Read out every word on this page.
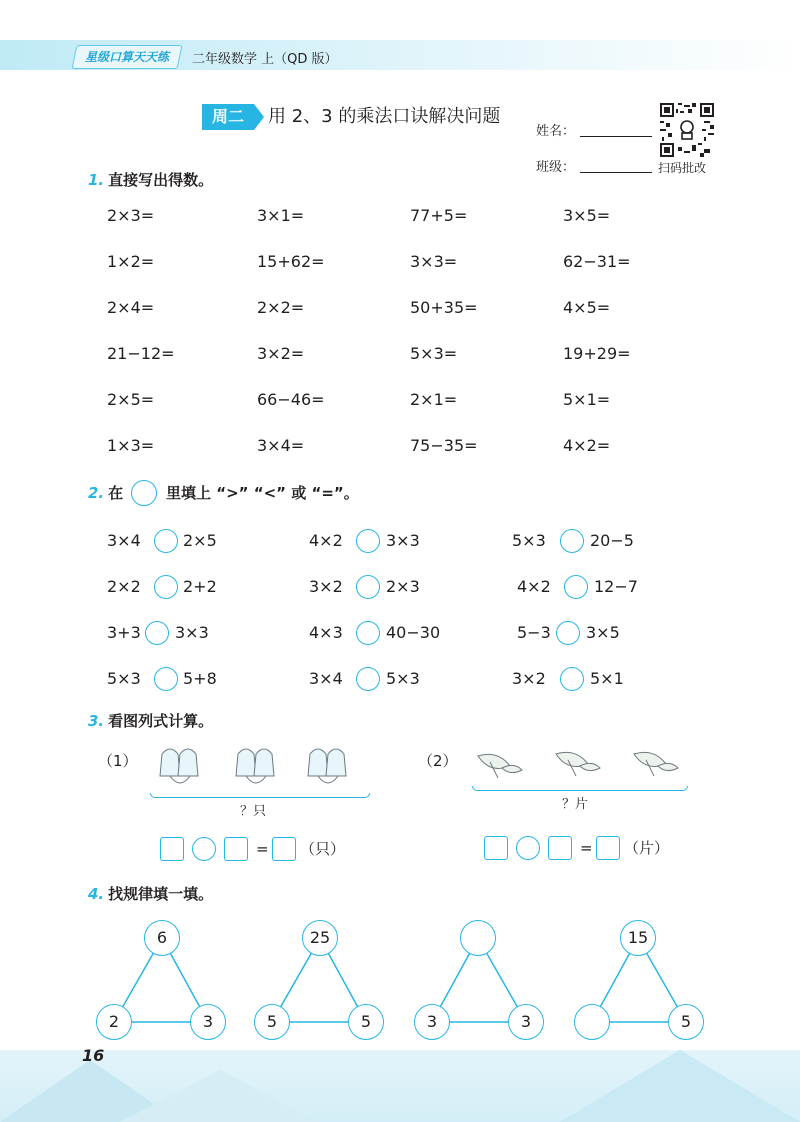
星级口算天天练	二年级数学 上（QD 版）
周二	用 2、3 的乘法口诀解决问题
姓名：
班级：	扫码批改
1. 直接写出得数。
2×3=	3×1=	77+5=	3×5=
1×2=	15+62=	3×3=	62−31=
2×4=	2×2=	50+35=	4×5=
21−12=	3×2=	5×3=	19+29=
2×5=	66−46=	2×1=	5×1=
1×3=	3×4=	75−35=	4×2=
2. 在	里填上 “>” “<” 或 “=”。
3×4	2×5	4×2	3×3	5×3	20−5
2×2	2+2	3×2	2×3	4×2	12−7
3+3 3×3	4×3	40−30	5−3 3×5
5×3	5+8	3×4	5×3	3×2	5×1
3. 看图列式计算。
（1）
？只
= （只）
（2）
？片
= （片）
4. 找规律填一填。
6
2	3
25
5	5	3	3
15
5
16
